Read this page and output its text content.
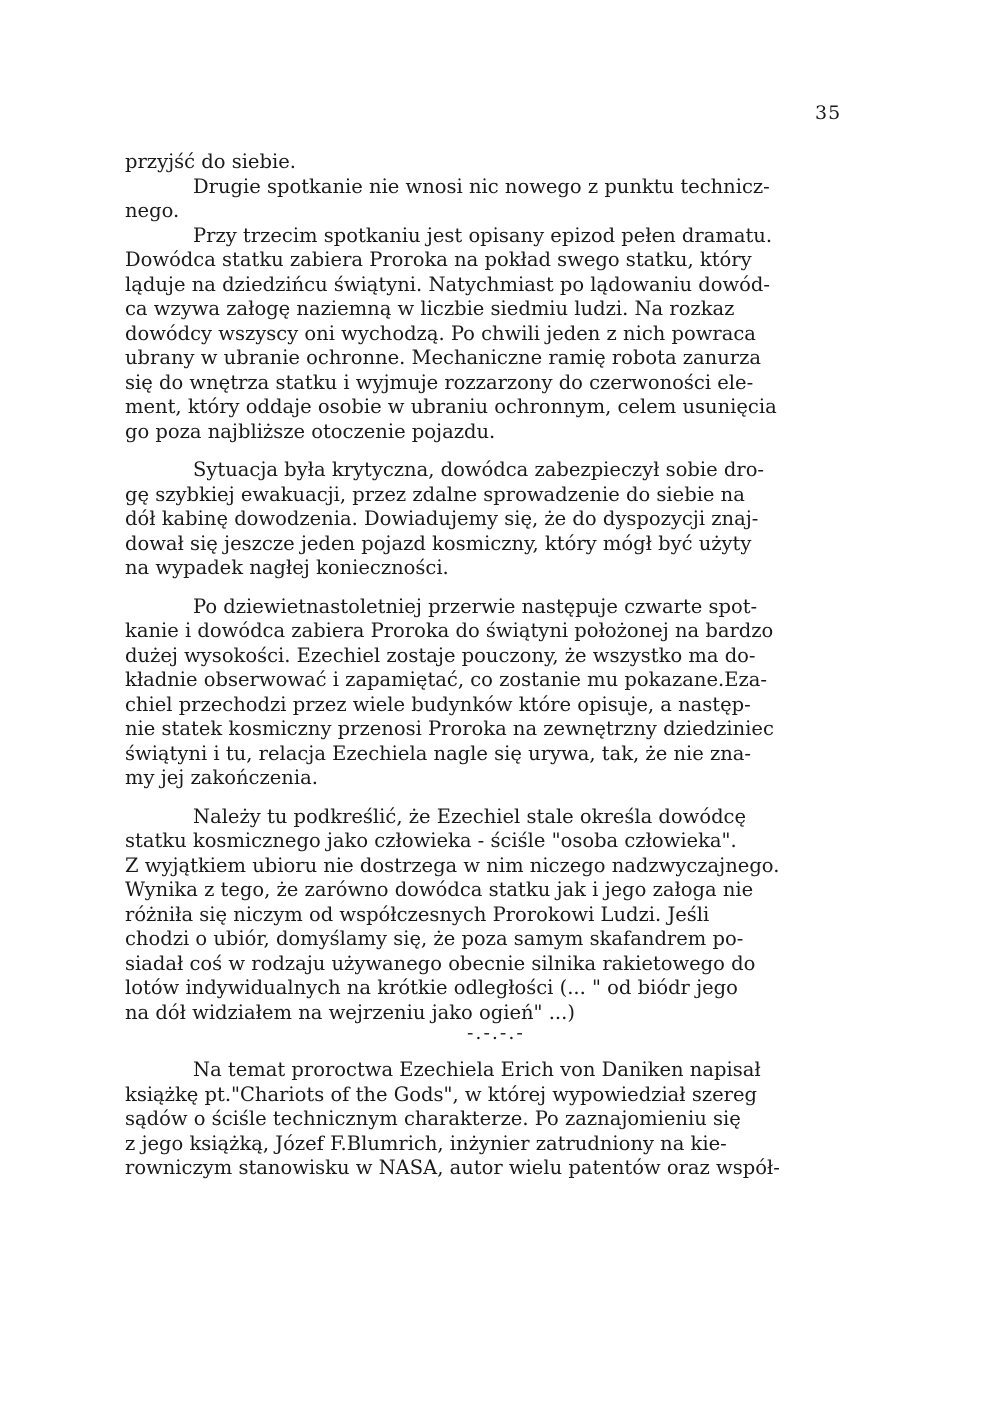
35
przyjść do siebie.
Drugie spotkanie nie wnosi nic nowego z punktu technicz-
nego.
Przy trzecim spotkaniu jest opisany epizod pełen dramatu.
Dowódca statku zabiera Proroka na pokład swego statku, który
ląduje na dziedzińcu świątyni. Natychmiast po lądowaniu dowód-
ca wzywa załogę naziemną w liczbie siedmiu ludzi. Na rozkaz
dowódcy wszyscy oni wychodzą. Po chwili jeden z nich powraca
ubrany w ubranie ochronne. Mechaniczne ramię robota zanurza
się do wnętrza statku i wyjmuje rozzarzony do czerwoności ele-
ment, który oddaje osobie w ubraniu ochronnym, celem usunięcia
go poza najbliższe otoczenie pojazdu.
Sytuacja była krytyczna, dowódca zabezpieczył sobie dro-
gę szybkiej ewakuacji, przez zdalne sprowadzenie do siebie na
dół kabinę dowodzenia. Dowiadujemy się, że do dyspozycji znaj-
dował się jeszcze jeden pojazd kosmiczny, który mógł być użyty
na wypadek nagłej konieczności.
Po dziewietnastoletniej przerwie następuje czwarte spot-
kanie i dowódca zabiera Proroka do świątyni położonej na bardzo
dużej wysokości. Ezechiel zostaje pouczony, że wszystko ma do-
kładnie obserwować i zapamiętać, co zostanie mu pokazane.Eza-
chiel przechodzi przez wiele budynków które opisuje, a następ-
nie statek kosmiczny przenosi Proroka na zewnętrzny dziedziniec
świątyni i tu, relacja Ezechiela nagle się urywa, tak, że nie zna-
my jej zakończenia.
Należy tu podkreślić, że Ezechiel stale określa dowódcę
statku kosmicznego jako człowieka - ściśle "osoba człowieka".
Z wyjątkiem ubioru nie dostrzega w nim niczego nadzwyczajnego.
Wynika z tego, że zarówno dowódca statku jak i jego załoga nie
różniła się niczym od współczesnych Prorokowi Ludzi. Jeśli
chodzi o ubiór, domyślamy się, że poza samym skafandrem po-
siadał coś w rodzaju używanego obecnie silnika rakietowego do
lotów indywidualnych na krótkie odległości (... " od biódr jego
na dół widziałem na wejrzeniu jako ogień" ...)
-.-.-.-
Na temat proroctwa Ezechiela Erich von Daniken napisał
książkę pt."Chariots of the Gods", w której wypowiedział szereg
sądów o ściśle technicznym charakterze. Po zaznajomieniu się
z jego książką, Józef F.Blumrich, inżynier zatrudniony na kie-
rowniczym stanowisku w NASA, autor wielu patentów oraz współ-
